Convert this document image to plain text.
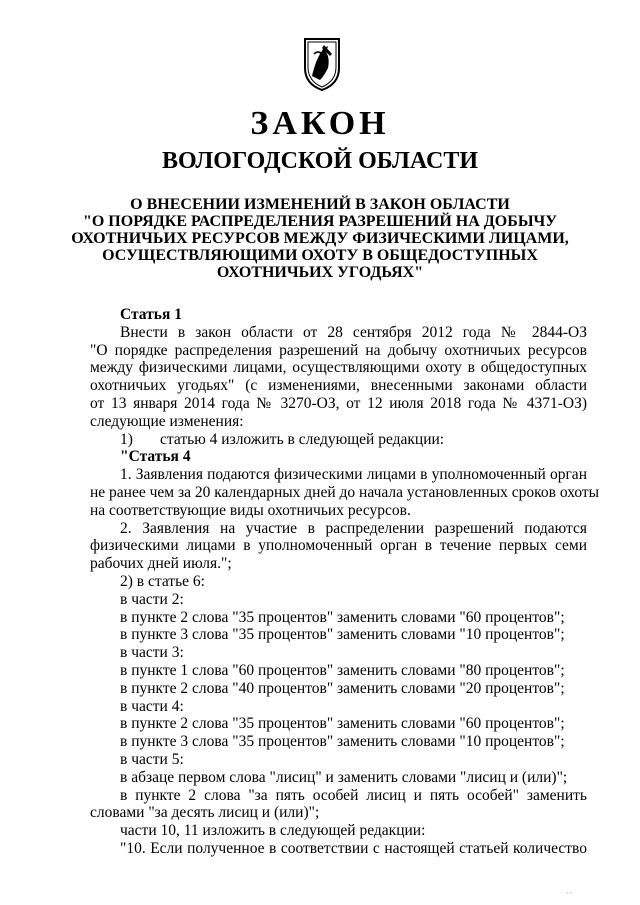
ЗАКОН
ВОЛОГОДСКОЙ ОБЛАСТИ
О ВНЕСЕНИИ ИЗМЕНЕНИЙ В ЗАКОН ОБЛАСТИ
"О ПОРЯДКЕ РАСПРЕДЕЛЕНИЯ РАЗРЕШЕНИЙ НА ДОБЫЧУ
ОХОТНИЧЬИХ РЕСУРСОВ МЕЖДУ ФИЗИЧЕСКИМИ ЛИЦАМИ,
ОСУЩЕСТВЛЯЮЩИМИ ОХОТУ В ОБЩЕДОСТУПНЫХ
ОХОТНИЧЬИХ УГОДЬЯХ"
Статья 1
Внести в закон области от 28 сентября 2012 года № 2844-ОЗ
"О порядке распределения разрешений на добычу охотничьих ресурсов
между физическими лицами, осуществляющими охоту в общедоступных
охотничьих угодьях" (с изменениями, внесенными законами области
от 13 января 2014 года № 3270-ОЗ, от 12 июля 2018 года № 4371-ОЗ)
следующие изменения:
1)       статью 4 изложить в следующей редакции:
"Статья 4
1. Заявления подаются физическими лицами в уполномоченный орган
не ранее чем за 20 календарных дней до начала установленных сроков охоты
на соответствующие виды охотничьих ресурсов.
2. Заявления на участие в распределении разрешений подаются
физическими лицами в уполномоченный орган в течение первых семи
рабочих дней июля.";
2) в статье 6:
в части 2:
в пункте 2 слова "35 процентов" заменить словами "60 процентов";
в пункте 3 слова "35 процентов" заменить словами "10 процентов";
в части 3:
в пункте 1 слова "60 процентов" заменить словами "80 процентов";
в пункте 2 слова "40 процентов" заменить словами "20 процентов";
в части 4:
в пункте 2 слова "35 процентов" заменить словами "60 процентов";
в пункте 3 слова "35 процентов" заменить словами "10 процентов";
в части 5:
в абзаце первом слова "лисиц" и заменить словами "лисиц и (или)";
в пункте 2 слова "за пять особей лисиц и пять особей" заменить
словами "за десять лисиц и (или)";
части 10, 11 изложить в следующей редакции:
"10. Если полученное в соответствии с настоящей статьей количество
. .
